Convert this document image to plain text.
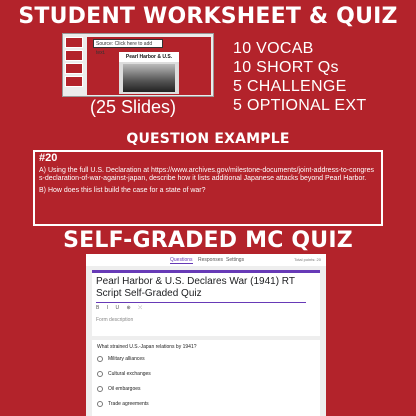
STUDENT WORKSHEET & QUIZ
Source: Click here to add text.
Pearl Harbor & U.S.
(25 Slides)
10 VOCAB
10 SHORT Qs
5 CHALLENGE
5 OPTIONAL EXT
QUESTION EXAMPLE
#20
A) Using the full U.S. Declaration at https://www.archives.gov/milestone-documents/joint-address-to-congress-declaration-of-war-against-japan, describe how it lists additional Japanese attacks beyond Pearl Harbor.
B) How does this list build the case for a state of war?
SELF-GRADED MC QUIZ
Questions Responses Settings	Total points: 20
Pearl Harbor & U.S. Declares War (1941) RT Script Self-Graded Quiz
B I U ⊕ ⤫
Form description
What strained U.S.-Japan relations by 1941?
Military alliances
Cultural exchanges
Oil embargoes
Trade agreements
